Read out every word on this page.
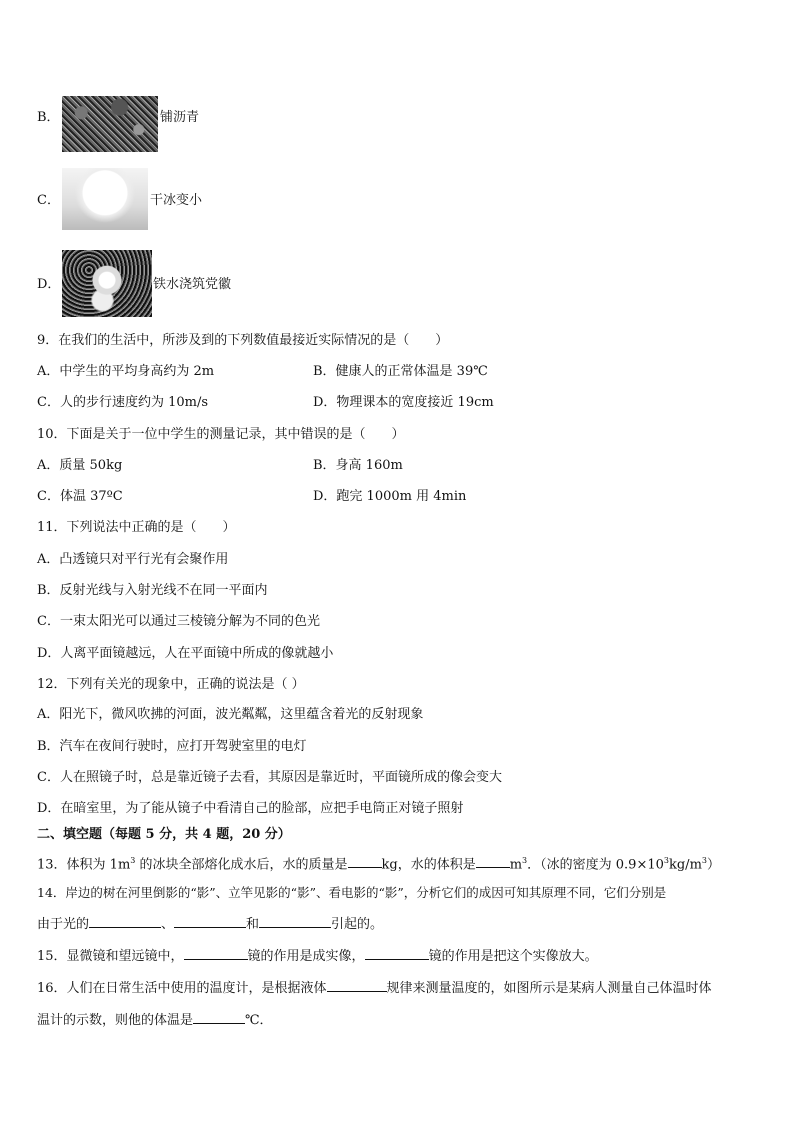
B．	铺沥青
C．	干冰变小
D．	铁水浇筑党徽
9．在我们的生活中，所涉及到的下列数值最接近实际情况的是（　　）
A．中学生的平均身高约为 2m	B．健康人的正常体温是 39℃
C．人的步行速度约为 10m/s	D．物理课本的宽度接近 19cm
10．下面是关于一位中学生的测量记录，其中错误的是（　　）
A．质量 50kg	B．身高 160m
C．体温 37ºC	D．跑完 1000m 用 4min
11．下列说法中正确的是（　　）
A．凸透镜只对平行光有会聚作用
B．反射光线与入射光线不在同一平面内
C．一束太阳光可以通过三棱镜分解为不同的色光
D．人离平面镜越远，人在平面镜中所成的像就越小
12．下列有关光的现象中，正确的说法是（ ）
A．阳光下，微风吹拂的河面，波光粼粼，这里蕴含着光的反射现象
B．汽车在夜间行驶时，应打开驾驶室里的电灯
C．人在照镜子时，总是靠近镜子去看，其原因是靠近时，平面镜所成的像会变大
D．在暗室里，为了能从镜子中看清自己的脸部，应把手电筒正对镜子照射
二、填空题（每题 5 分，共 4 题，20 分）
13．体积为 $1m^3$ 的冰块全部熔化成水后，水的质量是	kg，水的体积是	$m^3$．（冰的密度为 $0.9\times 10^3kg/m^3$）
14．岸边的树在河里倒影的“影”、立竿见影的“影”、看电影的“影”，分析它们的成因可知其原理不同，它们分别是
由于光的	、	和	引起的。
15．显微镜和望远镜中，	镜的作用是成实像，	镜的作用是把这个实像放大。
16．人们在日常生活中使用的温度计，是根据液体	规律来测量温度的，如图所示是某病人测量自己体温时体
温计的示数，则他的体温是	℃．
